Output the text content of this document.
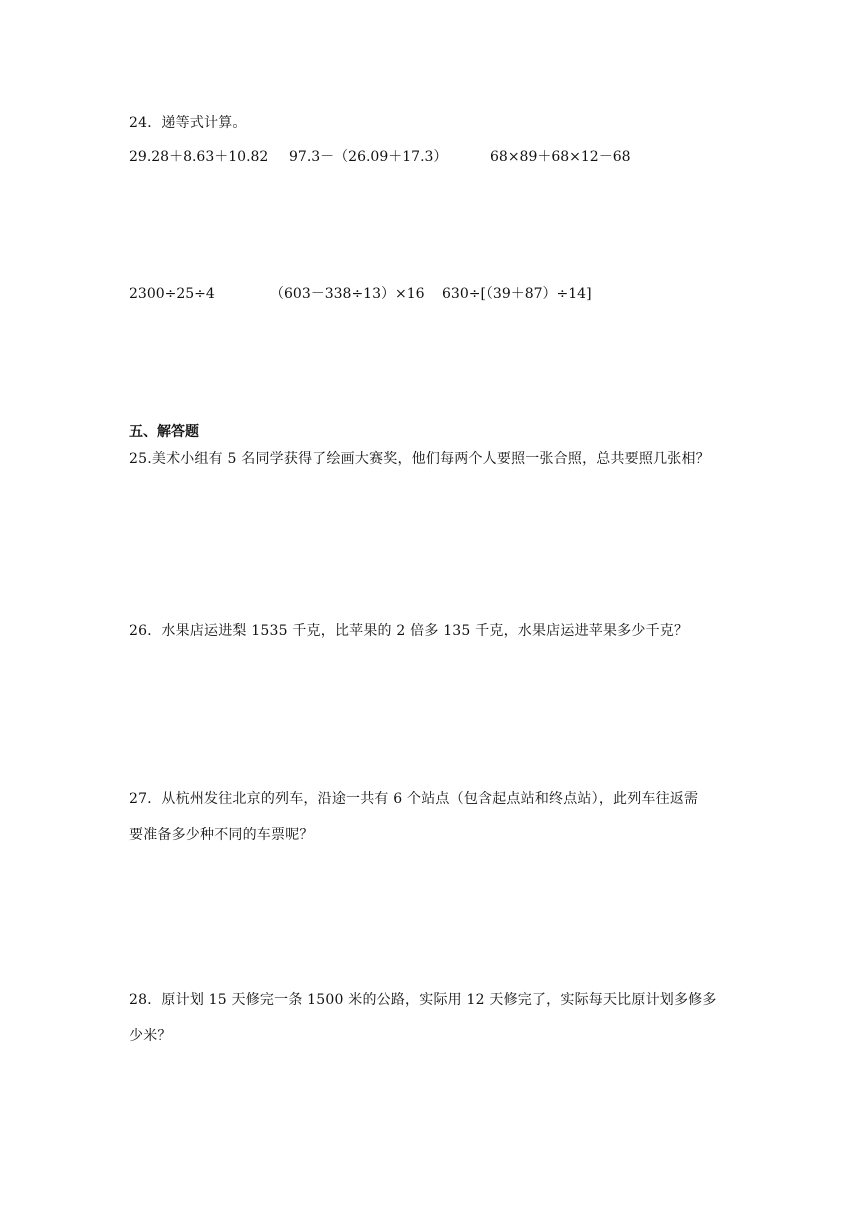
24．递等式计算。
29.28＋8.63＋10.82 97.3－（26.09＋17.3）	68×89＋68×12－68
2300÷25÷4	（603－338÷13）×16 630÷[（39＋87）÷14]
五、解答题
25.美术小组有 5 名同学获得了绘画大赛奖，他们每两个人要照一张合照，总共要照几张相？
26．水果店运进梨 1535 千克，比苹果的 2 倍多 135 千克，水果店运进苹果多少千克？
27．从杭州发往北京的列车，沿途一共有 6 个站点（包含起点站和终点站），此列车往返需
要准备多少种不同的车票呢？
28．原计划 15 天修完一条 1500 米的公路，实际用 12 天修完了，实际每天比原计划多修多
少米？
